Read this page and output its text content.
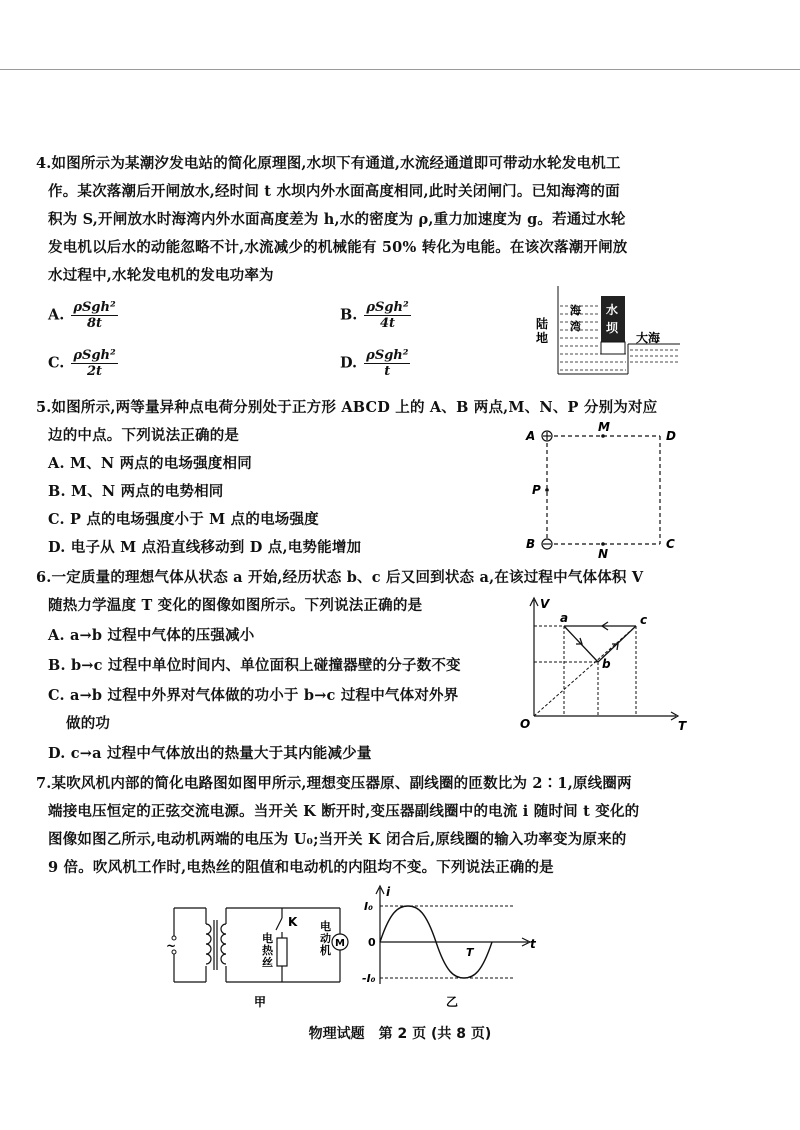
4.如图所示为某潮汐发电站的简化原理图,水坝下有通道,水流经通道即可带动水轮发电机工
作。某次落潮后开闸放水,经时间 t 水坝内外水面高度相同,此时关闭闸门。已知海湾的面
积为 S,开闸放水时海湾内外水面高度差为 h,水的密度为 ρ,重力加速度为 g。若通过水轮
发电机以后水的动能忽略不计,水流减少的机械能有 50% 转化为电能。在该次落潮开闸放
水过程中,水轮发电机的发电功率为
A. $\frac{\text{ρSgh²}}{8t}$	B. $\frac{\text{ρSgh²}}{4t}$
C. $\frac{\text{ρSgh²}}{2t}$	D. $\frac{\text{ρSgh²}}{t}$
陆
地
海
湾
水
坝
大海
5.如图所示,两等量异种点电荷分别处于正方形 ABCD 上的 A、B 两点,M、N、P 分别为对应
边的中点。下列说法正确的是
A. M、N 两点的电场强度相同
B. M、N 两点的电势相同
C. P 点的电场强度小于 M 点的电场强度
D. 电子从 M 点沿直线移动到 D 点,电势能增加
A	D
B	C
M
N
P
6.一定质量的理想气体从状态 a 开始,经历状态 b、c 后又回到状态 a,在该过程中气体体积 V
随热力学温度 T 变化的图像如图所示。下列说法正确的是
A. a→b 过程中气体的压强减小
B. b→c 过程中单位时间内、单位面积上碰撞器壁的分子数不变
C. a→b 过程中外界对气体做的功小于 b→c 过程中气体对外界
做的功
D. c→a 过程中气体放出的热量大于其内能减少量
V
T
O
a
b
c
7.某吹风机内部的简化电路图如图甲所示,理想变压器原、副线圈的匝数比为 2∶1,原线圈两
端接电压恒定的正弦交流电源。当开关 K 断开时,变压器副线圈中的电流 i 随时间 t 变化的
图像如图乙所示,电动机两端的电压为 U₀;当开关 K 闭合后,原线圈的输入功率变为原来的
9 倍。吹风机工作时,电热丝的阻值和电动机的内阻均不变。下列说法正确的是
~
K
电
热
丝
电
动
机
M
甲
i
t
I₀
0
-I₀
T
乙
物理试题　第 2 页 (共 8 页)
